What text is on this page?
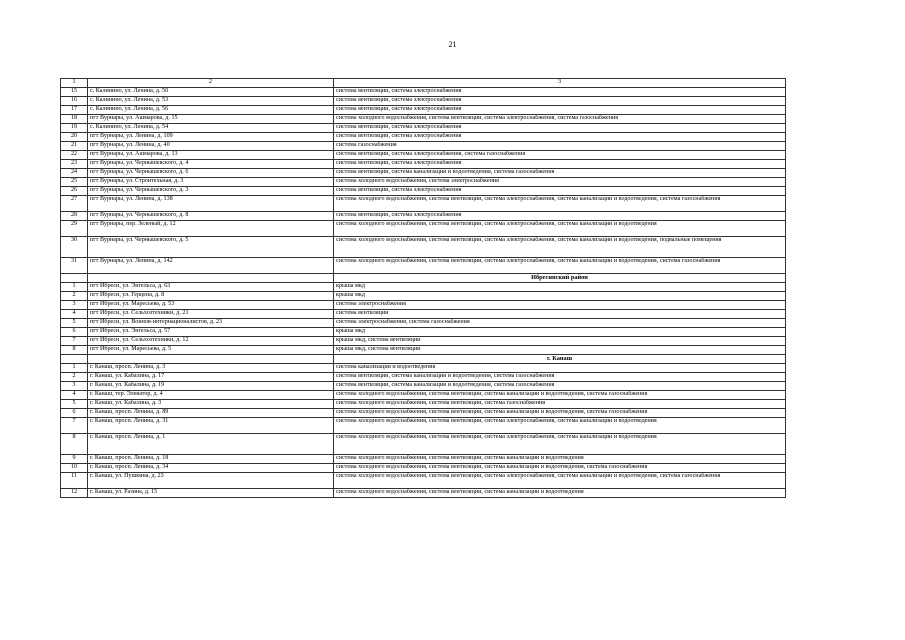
21
1	2	3
15	с. Калинино, ул. Ленина, д. 50	система вентиляции, система электроснабжения
16	с. Калинино, ул. Ленина, д. 53	система вентиляции, система электроснабжения
17	с. Калинино, ул. Ленина, д. 56	система вентиляции, система электроснабжения
18	пгт Вурнары, ул. Ашмарова, д. 15	система холодного водоснабжения, система вентиляции, система электроснабжения, система газоснабжения
19	с. Калинино, ул. Ленина, д. 54	система вентиляции, система электроснабжения
20	пгт Вурнары, ул. Ленина, д. 109	система вентиляции, система электроснабжения
21	пгт Вурнары, ул. Ленина, д. 40	система газоснабжения
22	пгт Вурнары, ул. Ашмарова, д. 13	система вентиляции, система электроснабжения, система газоснабжения
23	пгт Вурнары, ул. Чернышевского, д. 4	система вентиляции, система электроснабжения
24	пгт Вурнары, ул. Чернышевского, д. 6	система вентиляции, система канализации и водоотведения, система газоснабжения
25	пгт Вурнары, ул. Строительная, д. 3	система холодного водоснабжения, система электроснабжения
26	пгт Вурнары, ул. Чернышевского, д. 3	система вентиляции, система электроснабжения
27	пгт Вурнары, ул. Ленина, д. 138	система холодного водоснабжения, система вентиляции, система электроснабжения, система канализации и водоотведения, система газоснабжения
28	пгт Вурнары, ул. Чернышевского, д. 8	система вентиляции, система электроснабжения
29	пгт Вурнары, пер. Зеленый, д. 12	система холодного водоснабжения, система вентиляции, система электроснабжения, система канализации и водоотведения
30	пгт Вурнары, ул. Чернышевского, д. 5	система холодного водоснабжения, система вентиляции, система электроснабжения, система канализации и водоотведения, подвальные помещения
31	пгт Вурнары, ул. Ленина, д. 142	система холодного водоснабжения, система вентиляции, система электроснабжения, система канализации и водоотведения, система газоснабжения
		Ибресинский район
1	пгт Ибреси, ул. Энгельса, д. 63	крыша мкд
2	пгт Ибреси, ул. Герцена, д. 8	крыша мкд
3	пгт Ибреси, ул. Маресьева, д. 53	система электроснабжения
4	пгт Ибреси, ул. Сельхозтехники, д. 21	система вентиляции
5	пгт Ибреси, ул. Воинов-интернационалистов, д. 23	система электроснабжения, система газоснабжения
6	пгт Ибреси, ул. Энгельса, д. 57	крыша мкд
7	пгт Ибреси, ул. Сельхозтехники, д. 12	крыша мкд, система вентиляции
8	пгт Ибреси, ул. Маресьева, д. 5	крыша мкд, система вентиляции
		г. Канаш
1	г. Канаш, просп. Ленина, д. 3	система канализации и водоотведения
2	г. Канаш, ул. Кабалина, д. 17	система вентиляции, система канализации и водоотведения, система газоснабжения
3	г. Канаш, ул. Кабалина, д. 19	система вентиляции, система канализации и водоотведения, система газоснабжения
4	г. Канаш, тер. Элеватор, д. 4	система холодного водоснабжения, система вентиляции, система канализации и водоотведения, система газоснабжения
5	г. Канаш, ул. Кабалина, д. 3	система холодного водоснабжения, система вентиляции, система газоснабжения
6	г. Канаш, просп. Ленина, д. 89	система холодного водоснабжения, система вентиляции, система канализации и водоотведения, система газоснабжения
7	г. Канаш, просп. Ленина, д. 31	система холодного водоснабжения, система вентиляции, система электроснабжения, система канализации и водоотведения
8	г. Канаш, просп. Ленина, д. 1	система холодного водоснабжения, система вентиляции, система электроснабжения, система канализации и водоотведения
9	г. Канаш, просп. Ленина, д. 18	система холодного водоснабжения, система вентиляции, система канализации и водоотведения
10	г. Канаш, просп. Ленина, д. 34	система холодного водоснабжения, система вентиляции, система канализации и водоотведения, система газоснабжения
11	г. Канаш, ул. Пушкина, д. 23	система холодного водоснабжения, система вентиляции, система электроснабжения, система канализации и водоотведения, система газоснабжения
12	г. Канаш, ул. Разина, д. 15	система холодного водоснабжения, система вентиляции, система канализации и водоотведения
